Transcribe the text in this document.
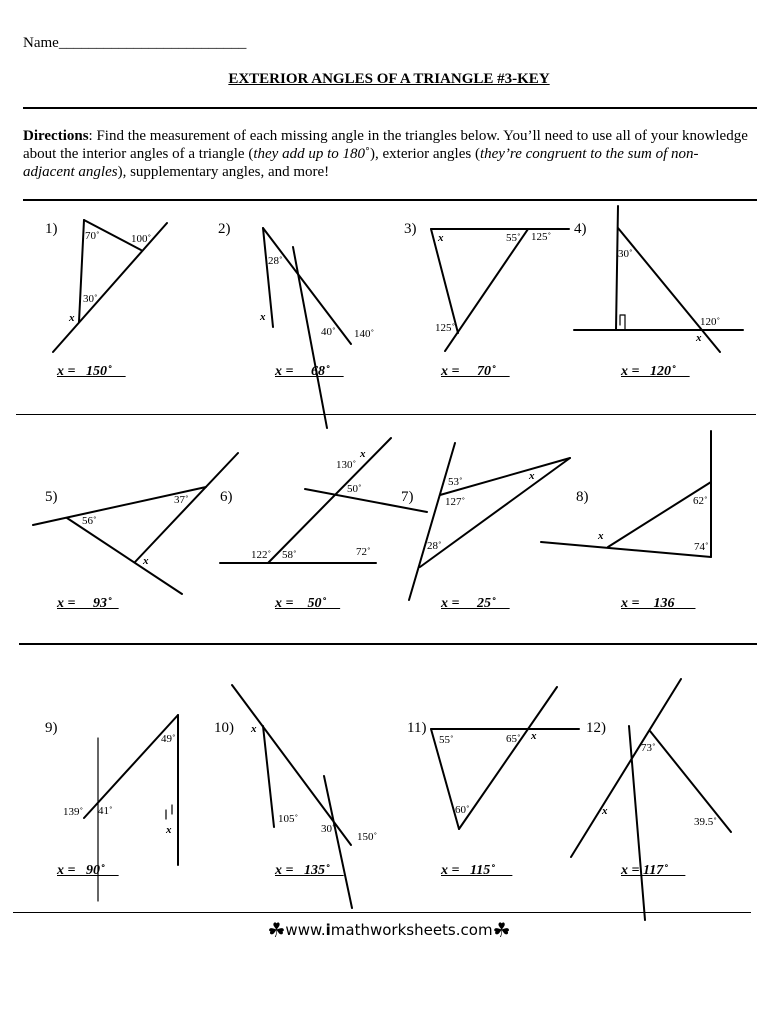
Name_________________________
EXTERIOR ANGLES OF A TRIANGLE #3-KEY
Directions: Find the measurement of each missing angle in the triangles below. You’ll need to use all of your knowledge about the interior angles of a triangle (they add up to 180˚), exterior angles (they’re congruent to the sum of non-adjacent angles), supplementary angles, and more!
1)	2)	3)	4)
5)	6)	7)	8)
9)	10)	11)	12)
70˚	100˚
30˚
x
28˚
x
40˚ 140˚
x	55˚ 125˚
125˚
30˚
120˚
x
37˚
56˚
x
x
130˚
50˚
122˚ 58˚	72˚
53˚
127˚
x
28˚
62˚
x
74˚
49˚
139˚ 41˚
x
x
105˚
30˚
150˚
55˚	65˚ x
60˚
73˚
x
39.5˚
x =   150˚	x =     68˚	x =     70˚	x =   120˚
x = __93˚_	x = _ 50˚__	x = __25˚__	x = _ 136___
x =   90˚	x =   135˚	x =   115˚	x = 117˚
☘www.imathworksheets.com☘
